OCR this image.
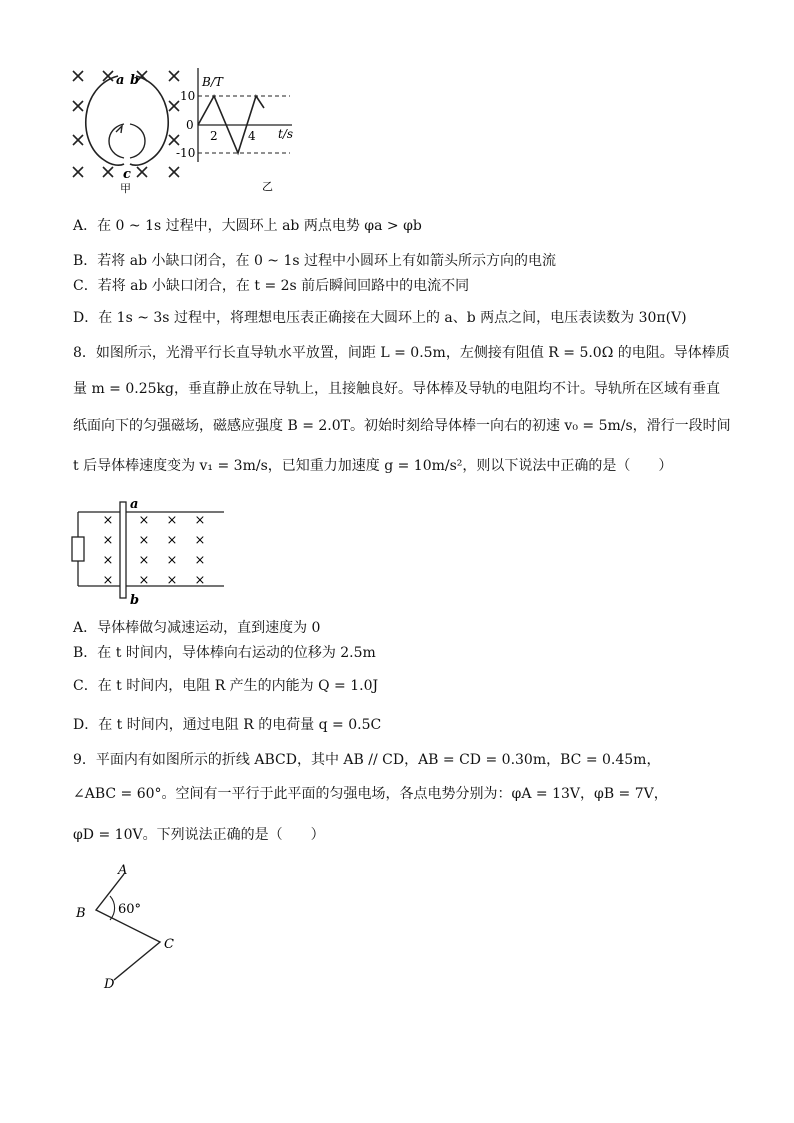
a b
c
甲
B/T
10
0
-10
2	4 t/s
乙
A．在 0 ~ 1s 过程中，大圆环上 ab 两点电势 φa > φb
B．若将 ab 小缺口闭合，在 0 ~ 1s 过程中小圆环上有如箭头所示方向的电流
C．若将 ab 小缺口闭合，在 t = 2s 前后瞬间回路中的电流不同
D．在 1s ~ 3s 过程中，将理想电压表正确接在大圆环上的 a、b 两点之间，电压表读数为 30π(V)
8．如图所示，光滑平行长直导轨水平放置，间距 L = 0.5m，左侧接有阻值 R = 5.0Ω 的电阻。导体棒质
量 m = 0.25kg，垂直静止放在导轨上，且接触良好。导体棒及导轨的电阻均不计。导轨所在区域有垂直
纸面向下的匀强磁场，磁感应强度 B = 2.0T。初始时刻给导体棒一向右的初速 v₀ = 5m/s，滑行一段时间
t 后导体棒速度变为 v₁ = 3m/s，已知重力加速度 g = 10m/s²，则以下说法中正确的是（　　）
a
b
×
×
×
×
×
×
×
×
×
×
×
×
×
×
×
×
A．导体棒做匀减速运动，直到速度为 0
B．在 t 时间内，导体棒向右运动的位移为 2.5m
C．在 t 时间内，电阻 R 产生的内能为 Q = 1.0J
D．在 t 时间内，通过电阻 R 的电荷量 q = 0.5C
9．平面内有如图所示的折线 ABCD，其中 AB // CD，AB = CD = 0.30m，BC = 0.45m，
∠ABC = 60°。空间有一平行于此平面的匀强电场，各点电势分别为：φA = 13V，φB = 7V，
φD = 10V。下列说法正确的是（　　）
A
B
C
D
60°
